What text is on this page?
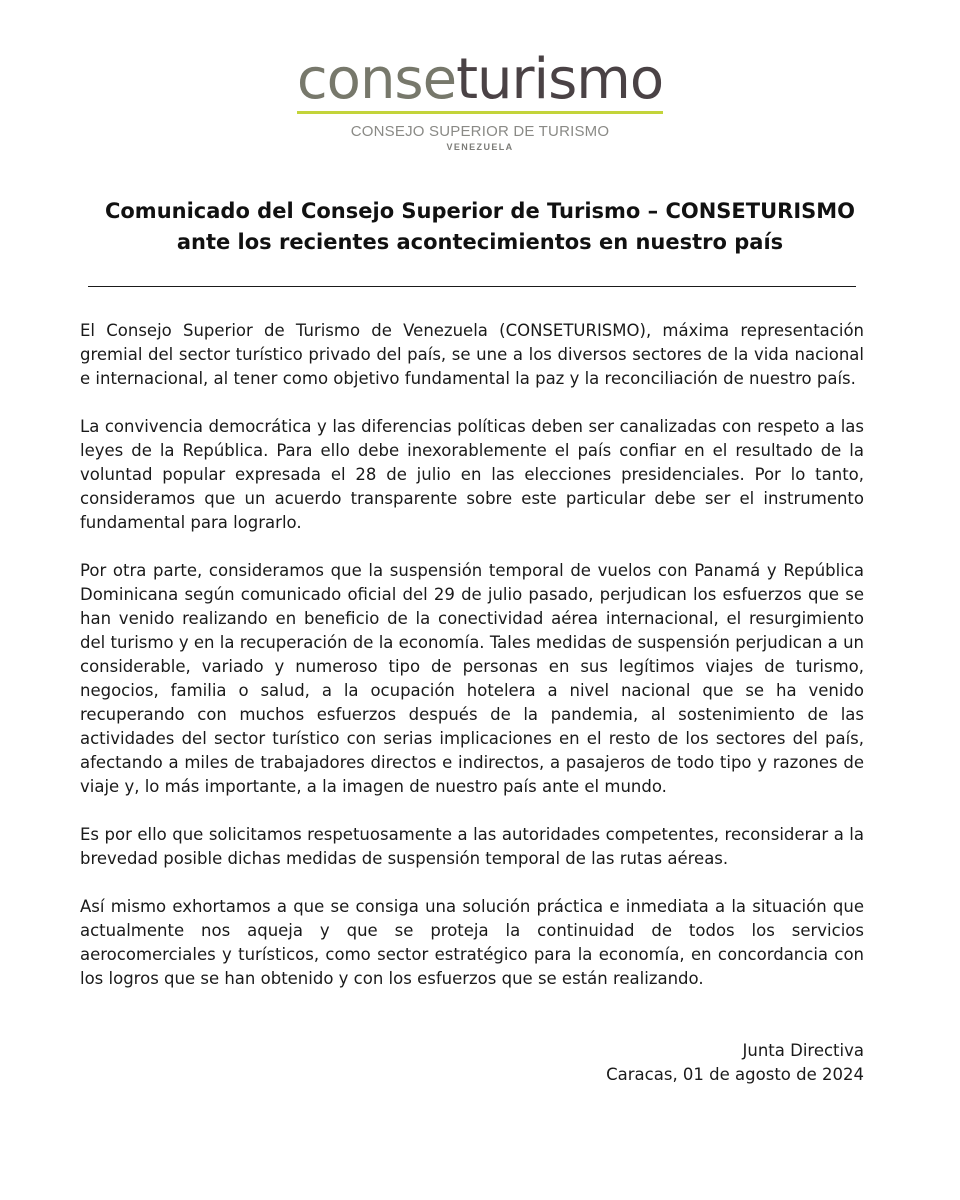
conseturismo
CONSEJO SUPERIOR DE TURISMO
VENEZUELA
Comunicado del Consejo Superior de Turismo – CONSETURISMO
ante los recientes acontecimientos en nuestro país

El Consejo Superior de Turismo de Venezuela (CONSETURISMO), máxima representación gremial del sector turístico privado del país, se une a los diversos sectores de la vida nacional e internacional, al tener como objetivo fundamental la paz y la reconciliación de nuestro país.

La convivencia democrática y las diferencias políticas deben ser canalizadas con respeto a las leyes de la República. Para ello debe inexorablemente el país confiar en el resultado de la voluntad popular expresada el 28 de julio en las elecciones presidenciales. Por lo tanto, consideramos que un acuerdo transparente sobre este particular debe ser el instrumento fundamental para lograrlo.

Por otra parte, consideramos que la suspensión temporal de vuelos con Panamá y República Dominicana según comunicado oficial del 29 de julio pasado, perjudican los esfuerzos que se han venido realizando en beneficio de la conectividad aérea internacional, el resurgimiento del turismo y en la recuperación de la economía. Tales medidas de suspensión perjudican a un considerable, variado y numeroso tipo de personas en sus legítimos viajes de turismo, negocios, familia o salud, a la ocupación hotelera a nivel nacional que se ha venido recuperando con muchos esfuerzos después de la pandemia, al sostenimiento de las actividades del sector turístico con serias implicaciones en el resto de los sectores del país, afectando a miles de trabajadores directos e indirectos, a pasajeros de todo tipo y razones de viaje y, lo más importante, a la imagen de nuestro país ante el mundo.

Es por ello que solicitamos respetuosamente a las autoridades competentes, reconsiderar a la brevedad posible dichas medidas de suspensión temporal de las rutas aéreas.

Así mismo exhortamos a que se consiga una solución práctica e inmediata a la situación que actualmente nos aqueja y que se proteja la continuidad de todos los servicios aerocomerciales y turísticos, como sector estratégico para la economía, en concordancia con los logros que se han obtenido y con los esfuerzos que se están realizando.

Junta Directiva
Caracas, 01 de agosto de 2024
